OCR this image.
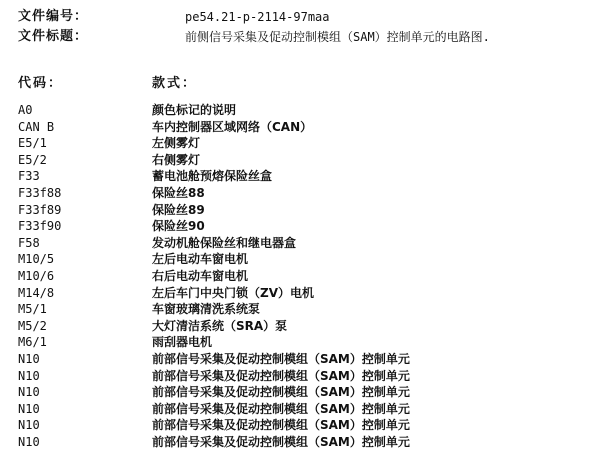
文件编号：	pe54.21-p-2114-97maa
文件标题：	前侧信号采集及促动控制模组（SAM）控制单元的电路图.
代码：	款式：
A0	颜色标记的说明
CAN B	车内控制器区域网络（CAN）
E5/1	左侧雾灯
E5/2	右侧雾灯
F33	蓄电池舱预熔保险丝盒
F33f88	保险丝88
F33f89	保险丝89
F33f90	保险丝90
F58	发动机舱保险丝和继电器盒
M10/5	左后电动车窗电机
M10/6	右后电动车窗电机
M14/8	左后车门中央门锁（ZV）电机
M5/1	车窗玻璃清洗系统泵
M5/2	大灯清洁系统（SRA）泵
M6/1	雨刮器电机
N10	前部信号采集及促动控制模组（SAM）控制单元
N10	前部信号采集及促动控制模组（SAM）控制单元
N10	前部信号采集及促动控制模组（SAM）控制单元
N10	前部信号采集及促动控制模组（SAM）控制单元
N10	前部信号采集及促动控制模组（SAM）控制单元
N10	前部信号采集及促动控制模组（SAM）控制单元
